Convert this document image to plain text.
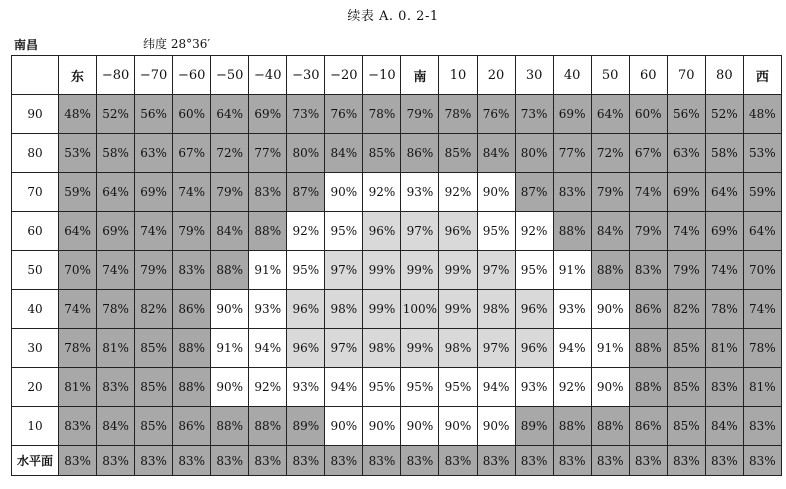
续表 A. 0. 2-1
南昌	纬度 28°36′
	东	−80	−70	−60	−50	−40	−30	−20	−10	南	10	20	30	40	50	60	70	80	西
90	48%	52%	56%	60%	64%	69%	73%	76%	78%	79%	78%	76%	73%	69%	64%	60%	56%	52%	48%
80	53%	58%	63%	67%	72%	77%	80%	84%	85%	86%	85%	84%	80%	77%	72%	67%	63%	58%	53%
70	59%	64%	69%	74%	79%	83%	87%	90%	92%	93%	92%	90%	87%	83%	79%	74%	69%	64%	59%
60	64%	69%	74%	79%	84%	88%	92%	95%	96%	97%	96%	95%	92%	88%	84%	79%	74%	69%	64%
50	70%	74%	79%	83%	88%	91%	95%	97%	99%	99%	99%	97%	95%	91%	88%	83%	79%	74%	70%
40	74%	78%	82%	86%	90%	93%	96%	98%	99%	100%	99%	98%	96%	93%	90%	86%	82%	78%	74%
30	78%	81%	85%	88%	91%	94%	96%	97%	98%	99%	98%	97%	96%	94%	91%	88%	85%	81%	78%
20	81%	83%	85%	88%	90%	92%	93%	94%	95%	95%	95%	94%	93%	92%	90%	88%	85%	83%	81%
10	83%	84%	85%	86%	88%	88%	89%	90%	90%	90%	90%	90%	89%	88%	88%	86%	85%	84%	83%
水平面	83%	83%	83%	83%	83%	83%	83%	83%	83%	83%	83%	83%	83%	83%	83%	83%	83%	83%	83%
